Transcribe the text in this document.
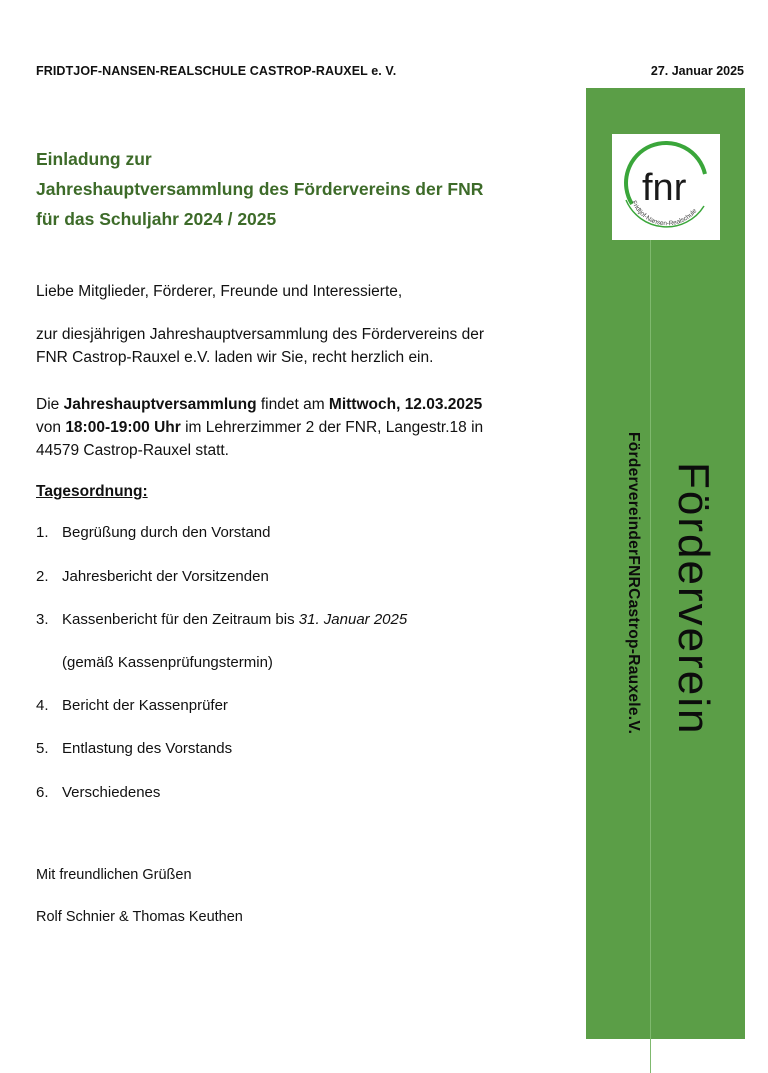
FRIDTJOF-NANSEN-REALSCHULE CASTROP-RAUXEL e. V.	27. Januar 2025
fnr
Fridtjof-Nansen-Realschule
FördervereinderFNRCastrop-Rauxele.V. Förderverein
Einladung zur
Jahreshauptversammlung des Fördervereins der FNR
für das Schuljahr 2024 / 2025
Liebe Mitglieder, Förderer, Freunde und Interessierte,
zur diesjährigen Jahreshauptversammlung des Fördervereins der
FNR Castrop-Rauxel e.V. laden wir Sie, recht herzlich ein.
Die Jahreshauptversammlung findet am Mittwoch, 12.03.2025
von 18:00-19:00 Uhr im Lehrerzimmer 2 der FNR, Langestr.18 in
44579 Castrop-Rauxel statt.
Tagesordnung:
1. Begrüßung durch den Vorstand
2. Jahresbericht der Vorsitzenden
3. Kassenbericht für den Zeitraum bis 31. Januar 2025
(gemäß Kassenprüfungstermin)
4. Bericht der Kassenprüfer
5. Entlastung des Vorstands
6. Verschiedenes
Mit freundlichen Grüßen
Rolf Schnier & Thomas Keuthen
